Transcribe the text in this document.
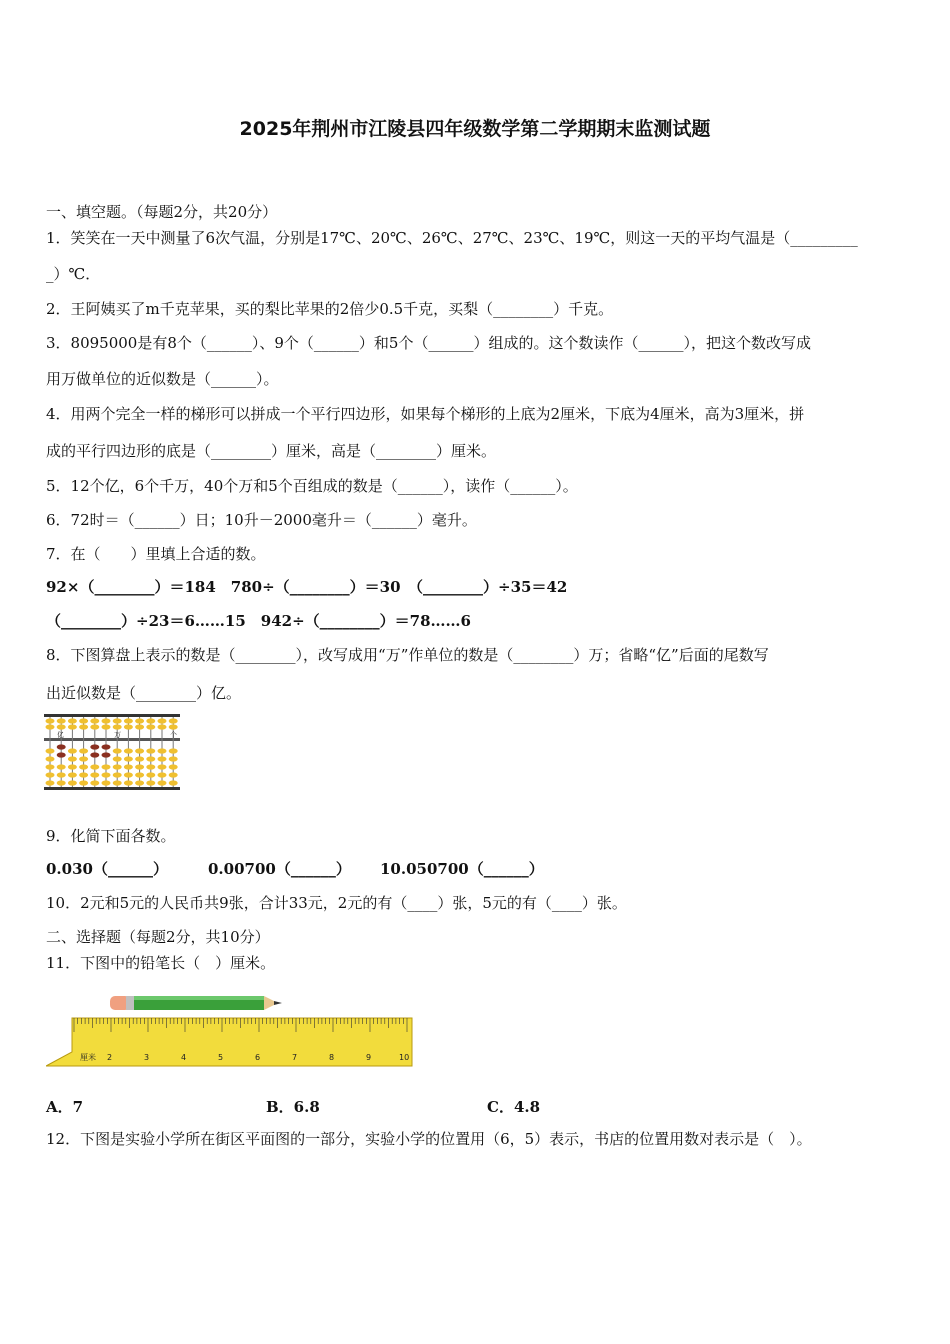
2025年荆州市江陵县四年级数学第二学期期末监测试题
一、填空题。（每题2分，共20分）
1．笑笑在一天中测量了6次气温，分别是17℃、20℃、26℃、27℃、23℃、19℃，则这一天的平均气温是（_________
_）℃．
2．王阿姨买了m千克苹果，买的梨比苹果的2倍少0.5千克，买梨（________）千克。
3．8095000是有8个（______）、9个（______）和5个（______）组成的。这个数读作（______），把这个数改写成
用万做单位的近似数是（______）。
4．用两个完全一样的梯形可以拼成一个平行四边形，如果每个梯形的上底为2厘米，下底为4厘米，高为3厘米，拼
成的平行四边形的底是（________）厘米，高是（________）厘米。
5．12个亿，6个千万，40个万和5个百组成的数是（______），读作（______）。
6．72时＝（______）日；10升－2000毫升＝（______）毫升。
7．在（　　）里填上合适的数。
92×（________）＝184　780÷（________）＝30　（________）÷35＝42
（________）÷23＝6……15　942÷（________）＝78……6
8．下图算盘上表示的数是（________），改写成用“万”作单位的数是（________）万；省略“亿”后面的尾数写
出近似数是（________）亿。
亿	万	个
9．化简下面各数。
0.030（______）	0.00700（______）	10.050700（______）
10．2元和5元的人民币共9张，合计33元，2元的有（____）张，5元的有（____）张。
二、选择题（每题2分，共10分）
11．下图中的铅笔长（　）厘米。
厘米 2	3	4	5	6	7	8	9	10
A．7	B．6.8	C．4.8
12．下图是实验小学所在街区平面图的一部分，实验小学的位置用（6，5）表示，书店的位置用数对表示是（　）。
